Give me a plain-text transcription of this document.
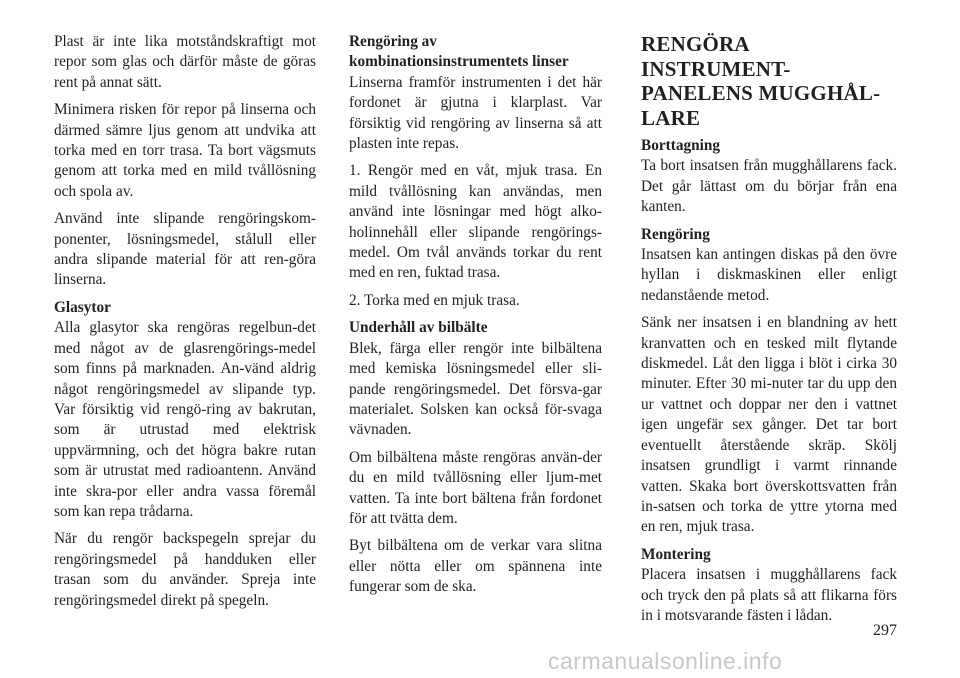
Plast är inte lika motståndskraftigt mot repor som glas och därför måste de göras rent på annat sätt.

Minimera risken för repor på linserna och därmed sämre ljus genom att undvika att torka med en torr trasa. Ta bort vägsmuts genom att torka med en mild tvållösning och spola av.

Använd inte slipande rengöringskom-ponenter, lösningsmedel, stålull eller andra slipande material för att ren-göra linserna.

Glasytor
Alla glasytor ska rengöras regelbun-det med något av de glasrengörings-medel som finns på marknaden. An-vänd aldrig något rengöringsmedel av slipande typ. Var försiktig vid rengö-ring av bakrutan, som är utrustad med elektrisk uppvärmning, och det högra bakre rutan som är utrustat med radioantenn. Använd inte skra-por eller andra vassa föremål som kan repa trådarna.

När du rengör backspegeln sprejar du rengöringsmedel på handduken eller trasan som du använder. Spreja inte rengöringsmedel direkt på spegeln.

Rengöring av kombinationsinstrumentets linser
Linserna framför instrumenten i det här fordonet är gjutna i klarplast. Var försiktig vid rengöring av linserna så att plasten inte repas.

1. Rengör med en våt, mjuk trasa. En mild tvållösning kan användas, men använd inte lösningar med högt alko-holinnehåll eller slipande rengörings-medel. Om tvål används torkar du rent med en ren, fuktad trasa.

2. Torka med en mjuk trasa.

Underhåll av bilbälte
Blek, färga eller rengör inte bilbältena med kemiska lösningsmedel eller sli-pande rengöringsmedel. Det försva-gar materialet. Solsken kan också för-svaga vävnaden.

Om bilbältena måste rengöras använ-der du en mild tvållösning eller ljum-met vatten. Ta inte bort bältena från fordonet för att tvätta dem.

Byt bilbältena om de verkar vara slitna eller nötta eller om spännena inte fungerar som de ska.

RENGÖRA INSTRUMENT-PANELENS MUGGHÅL-LARE

Borttagning
Ta bort insatsen från mugghållarens fack. Det går lättast om du börjar från ena kanten.

Rengöring
Insatsen kan antingen diskas på den övre hyllan i diskmaskinen eller enligt nedanstående metod.

Sänk ner insatsen i en blandning av hett kranvatten och en tesked milt flytande diskmedel. Låt den ligga i blöt i cirka 30 minuter. Efter 30 mi-nuter tar du upp den ur vattnet och doppar ner den i vattnet igen ungefär sex gånger. Det tar bort eventuellt återstående skräp. Skölj insatsen grundligt i varmt rinnande vatten. Skaka bort överskottsvatten från in-satsen och torka de yttre ytorna med en ren, mjuk trasa.

Montering
Placera insatsen i mugghållarens fack och tryck den på plats så att flikarna förs in i motsvarande fästen i lådan.

297
carmanualsonline.info
